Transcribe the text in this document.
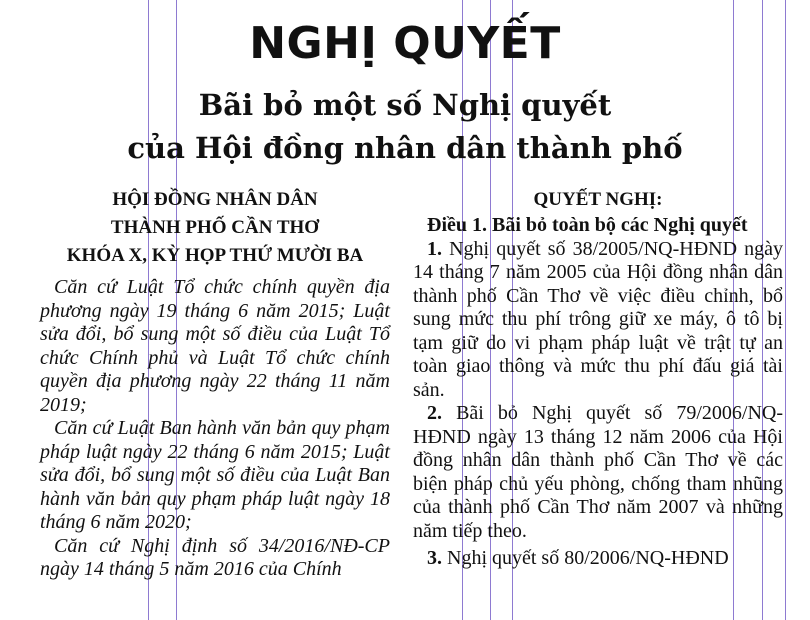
NGHỊ QUYẾT
Bãi bỏ một số Nghị quyết
của Hội đồng nhân dân thành phố
HỘI ĐỒNG NHÂN DÂN
THÀNH PHỐ CẦN THƠ
KHÓA X, KỲ HỌP THỨ MƯỜI BA
Căn cứ Luật Tổ chức chính quyền địa phương ngày 19 tháng 6 năm 2015; Luật sửa đổi, bổ sung một số điều của Luật Tổ chức Chính phủ và Luật Tổ chức chính quyền địa phương ngày 22 tháng 11 năm 2019;
Căn cứ Luật Ban hành văn bản quy phạm pháp luật ngày 22 tháng 6 năm 2015; Luật sửa đổi, bổ sung một số điều của Luật Ban hành văn bản quy phạm pháp luật ngày 18 tháng 6 năm 2020;
Căn cứ Nghị định số 34/2016/NĐ-CP ngày 14 tháng 5 năm 2016 của Chính
QUYẾT NGHỊ:
Điều 1. Bãi bỏ toàn bộ các Nghị quyết
1. Nghị quyết số 38/2005/NQ-HĐND ngày 14 tháng 7 năm 2005 của Hội đồng nhân dân thành phố Cần Thơ về việc điều chỉnh, bổ sung mức thu phí trông giữ xe máy, ô tô bị tạm giữ do vi phạm pháp luật về trật tự an toàn giao thông và mức thu phí đấu giá tài sản.
2. Bãi bỏ Nghị quyết số 79/2006/NQ-HĐND ngày 13 tháng 12 năm 2006 của Hội đồng nhân dân thành phố Cần Thơ về các biện pháp chủ yếu phòng, chống tham nhũng của thành phố Cần Thơ năm 2007 và những năm tiếp theo.
3. Nghị quyết số 80/2006/NQ-HĐND
